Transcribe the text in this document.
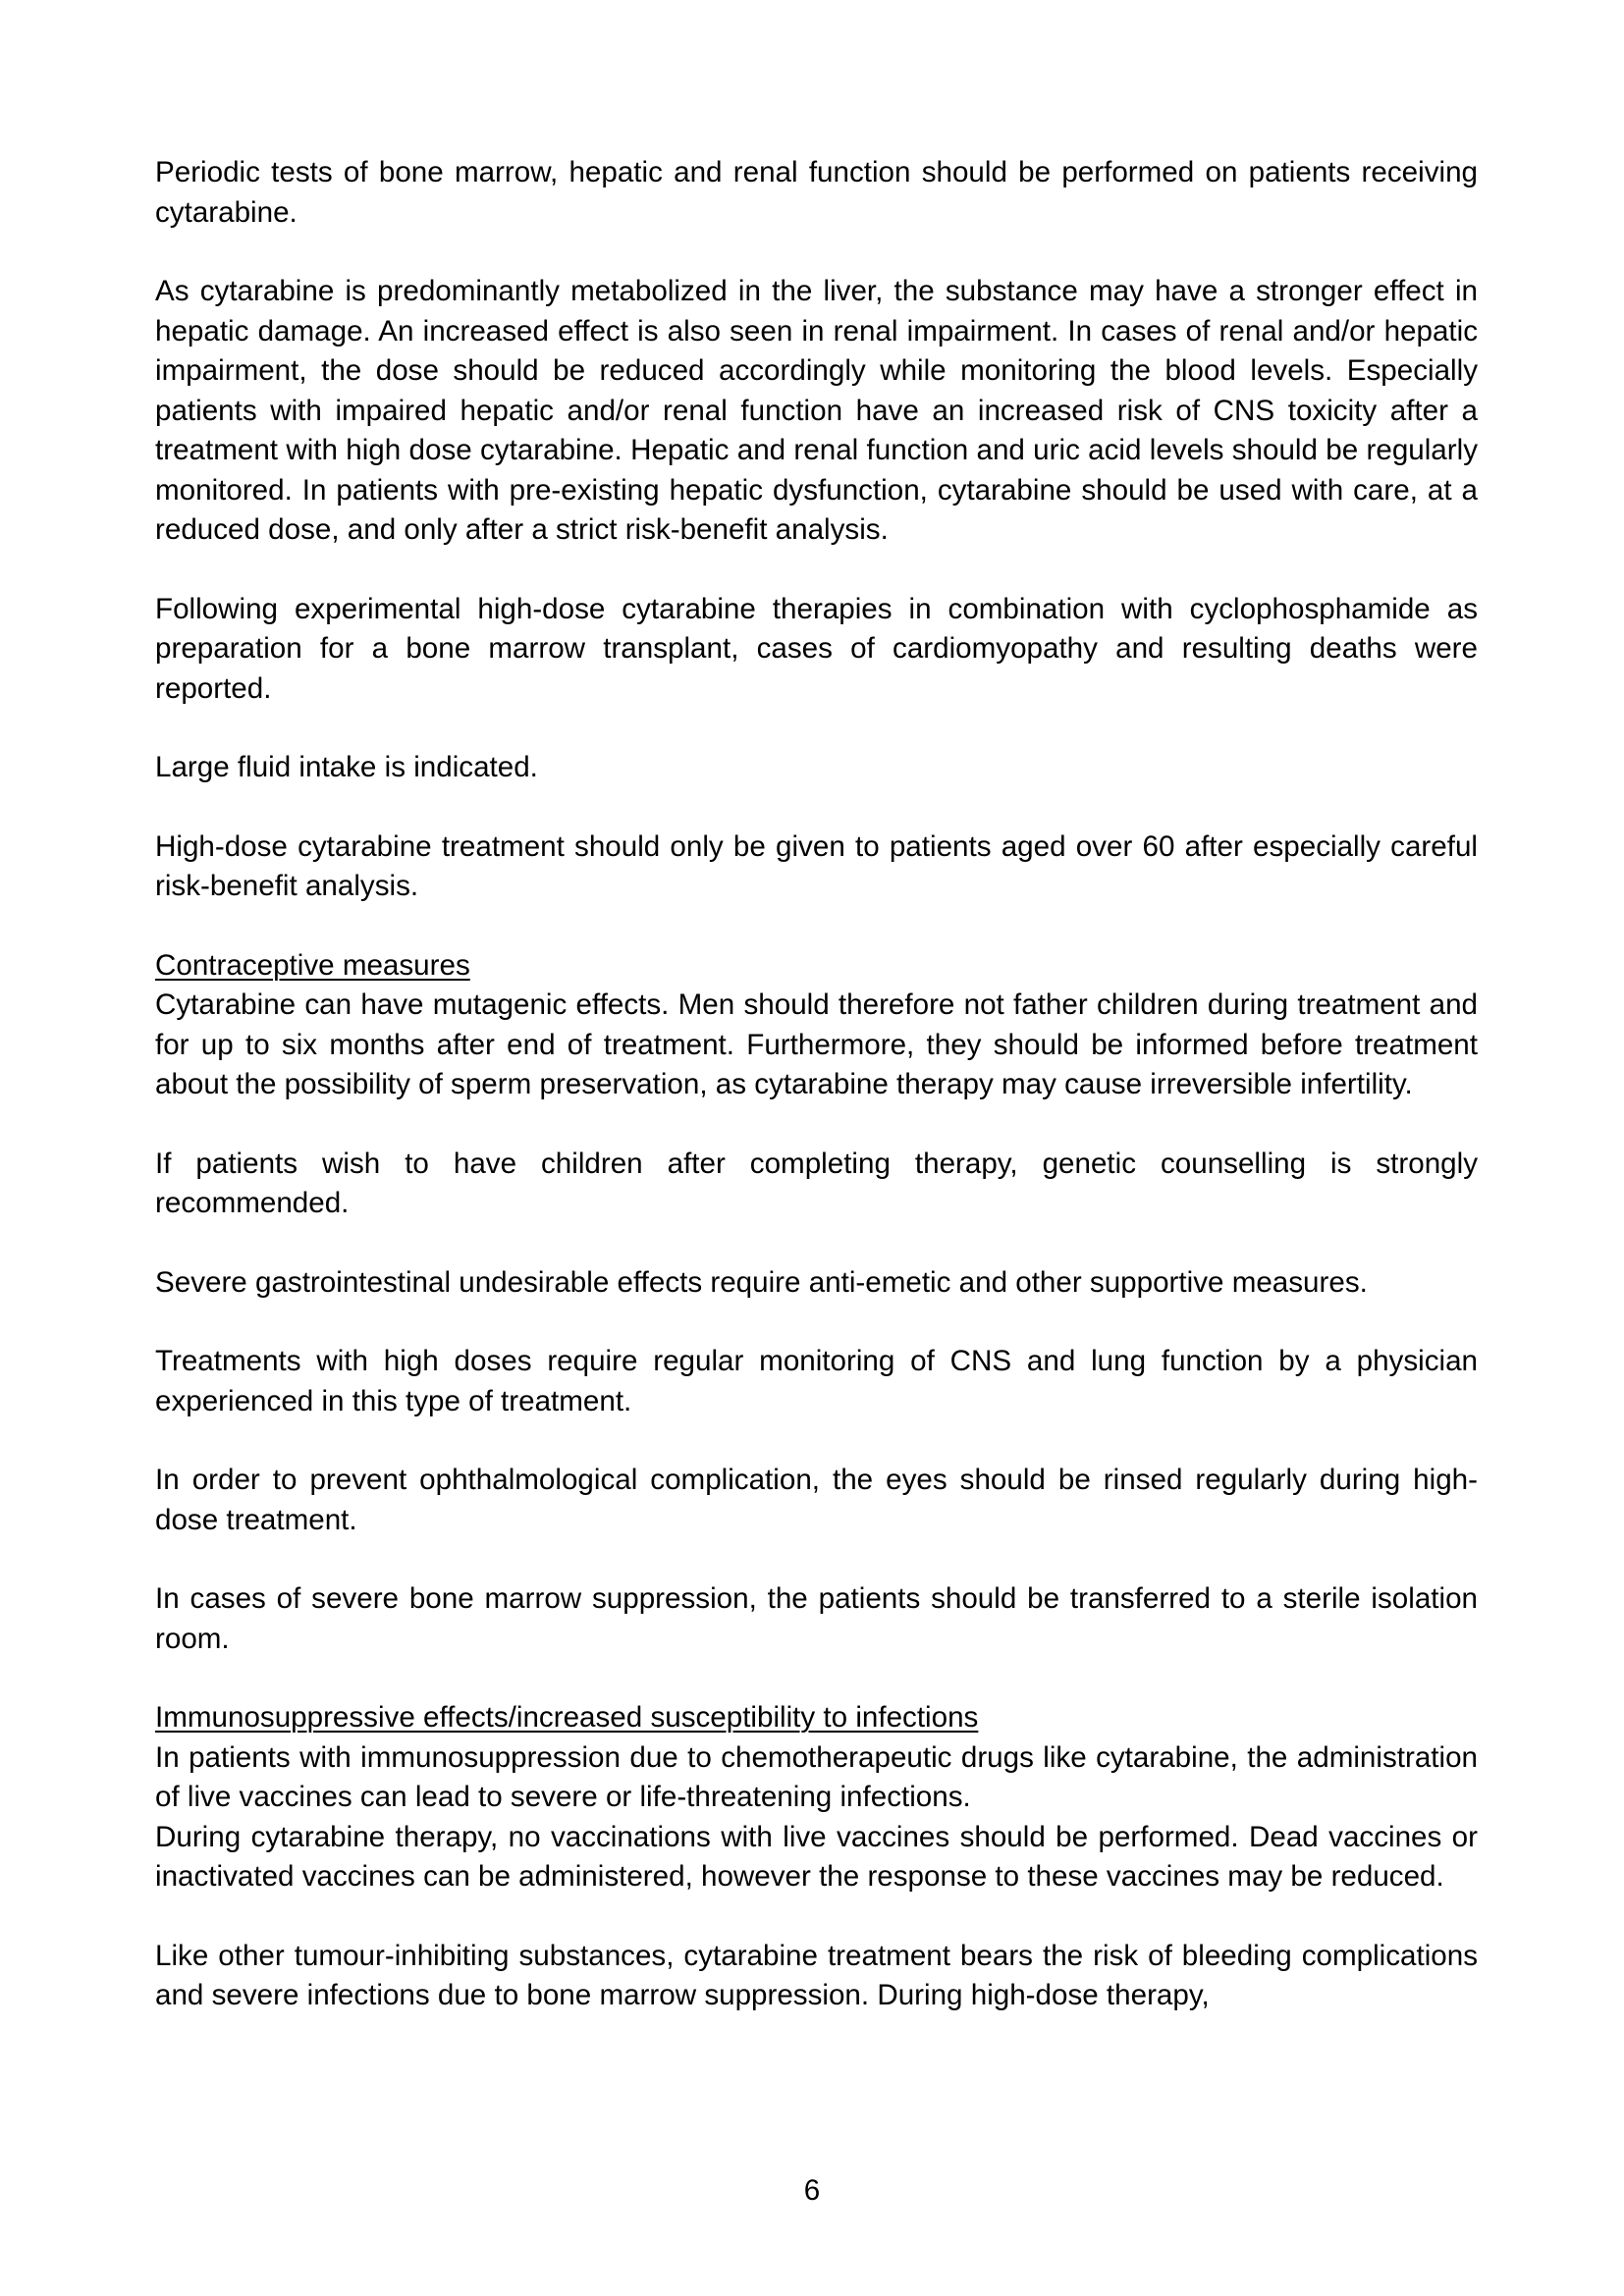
Periodic tests of bone marrow, hepatic and renal function should be performed on patients receiving cytarabine.

As cytarabine is predominantly metabolized in the liver, the substance may have a stronger effect in hepatic damage. An increased effect is also seen in renal impairment. In cases of renal and/or hepatic impairment, the dose should be reduced accordingly while monitoring the blood levels. Especially patients with impaired hepatic and/or renal function have an increased risk of CNS toxicity after a treatment with high dose cytarabine. Hepatic and renal function and uric acid levels should be regularly monitored. In patients with pre-existing hepatic dysfunction, cytarabine should be used with care, at a reduced dose, and only after a strict risk-benefit analysis.

Following experimental high-dose cytarabine therapies in combination with cyclophosphamide as preparation for a bone marrow transplant, cases of cardiomyopathy and resulting deaths were reported.

Large fluid intake is indicated.

High-dose cytarabine treatment should only be given to patients aged over 60 after especially careful risk-benefit analysis.

Contraceptive measures

Cytarabine can have mutagenic effects. Men should therefore not father children during treatment and for up to six months after end of treatment. Furthermore, they should be informed before treatment about the possibility of sperm preservation, as cytarabine therapy may cause irreversible infertility.

If patients wish to have children after completing therapy, genetic counselling is strongly recommended.

Severe gastrointestinal undesirable effects require anti-emetic and other supportive measures.

Treatments with high doses require regular monitoring of CNS and lung function by a physician experienced in this type of treatment.

In order to prevent ophthalmological complication, the eyes should be rinsed regularly during high-dose treatment.

In cases of severe bone marrow suppression, the patients should be transferred to a sterile isolation room.

Immunosuppressive effects/increased susceptibility to infections

In patients with immunosuppression due to chemotherapeutic drugs like cytarabine, the administration of live vaccines can lead to severe or life-threatening infections.

During cytarabine therapy, no vaccinations with live vaccines should be performed. Dead vaccines or inactivated vaccines can be administered, however the response to these vaccines may be reduced.

Like other tumour-inhibiting substances, cytarabine treatment bears the risk of bleeding complications and severe infections due to bone marrow suppression. During high-dose therapy,

6
